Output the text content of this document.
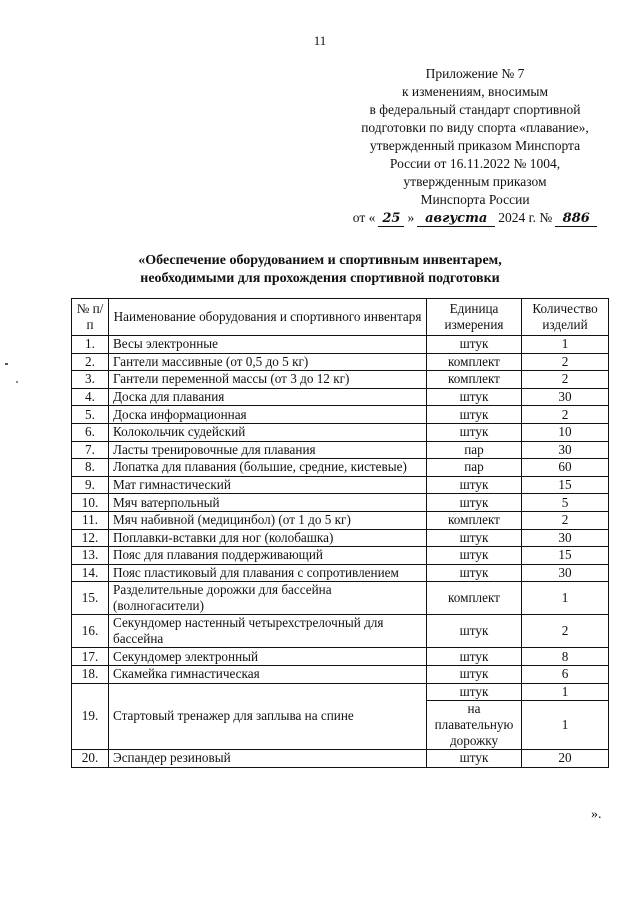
11
Приложение № 7
к изменениям, вносимым
в федеральный стандарт спортивной
подготовки по виду спорта «плавание»,
утвержденный приказом Минспорта
России от 16.11.2022 № 1004,
утвержденным приказом
Минспорта России
от « 25 » августа 2024 г. № 886
«Обеспечение оборудованием и спортивным инвентарем,
необходимыми для прохождения спортивной подготовки
№ п/п	Наименование оборудования и спортивного инвентаря	Единица измерения	Количество изделий
1.	Весы электронные	штук	1
2.	Гантели массивные (от 0,5 до 5 кг)	комплект	2
3.	Гантели переменной массы (от 3 до 12 кг)	комплект	2
4.	Доска для плавания	штук	30
5.	Доска информационная	штук	2
6.	Колокольчик судейский	штук	10
7.	Ласты тренировочные для плавания	пар	30
8.	Лопатка для плавания (большие, средние, кистевые)	пар	60
9.	Мат гимнастический	штук	15
10.	Мяч ватерпольный	штук	5
11.	Мяч набивной (медицинбол) (от 1 до 5 кг)	комплект	2
12.	Поплавки-вставки для ног (колобашка)	штук	30
13.	Пояс для плавания поддерживающий	штук	15
14.	Пояс пластиковый для плавания с сопротивлением	штук	30
15.	Разделительные дорожки для бассейна (волногасители)	комплект	1
16.	Секундомер настенный четырехстрелочный для бассейна	штук	2
17.	Секундомер электронный	штук	8
18.	Скамейка гимнастическая	штук	6
19.	Стартовый тренажер для заплыва на спине	штук	1
		на плавательную дорожку	1
20.	Эспандер резиновый	штук	20
».
